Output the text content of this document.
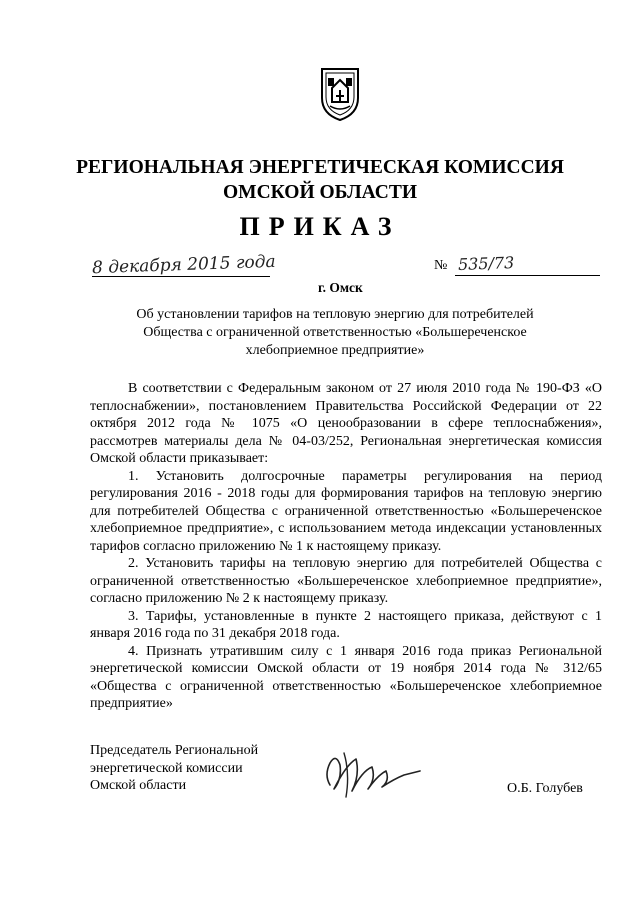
РЕГИОНАЛЬНАЯ ЭНЕРГЕТИЧЕСКАЯ КОМИССИЯ
ОМСКОЙ ОБЛАСТИ
ПРИКАЗ
8 декабря 2015 года
г. Омск
№ 535/73
Об установлении тарифов на тепловую энергию для потребителей
Общества с ограниченной ответственностью «Большереченское
хлебоприемное предприятие»

В соответствии с Федеральным законом от 27 июля 2010 года № 190-ФЗ «О теплоснабжении», постановлением Правительства Российской Федерации от 22 октября 2012 года № 1075 «О ценообразовании в сфере теплоснабжения», рассмотрев материалы дела № 04-03/252, Региональная энергетическая комиссия Омской области приказывает:

1. Установить долгосрочные параметры регулирования на период регулирования 2016 - 2018 годы для формирования тарифов на тепловую энергию для потребителей Общества с ограниченной ответственностью «Большереченское хлебоприемное предприятие», с использованием метода индексации установленных тарифов согласно приложению № 1 к настоящему приказу.

2. Установить тарифы на тепловую энергию для потребителей Общества с ограниченной ответственностью «Большереченское хлебоприемное предприятие», согласно приложению № 2 к настоящему приказу.

3. Тарифы, установленные в пункте 2 настоящего приказа, действуют с 1 января 2016 года по 31 декабря 2018 года.

4. Признать утратившим силу с 1 января 2016 года приказ Региональной энергетической комиссии Омской области от 19 ноября 2014 года № 312/65 «Общества с ограниченной ответственностью «Большереченское хлебоприемное предприятие»

Председатель Региональной
энергетической комиссии
Омской области	О.Б. Голубев
